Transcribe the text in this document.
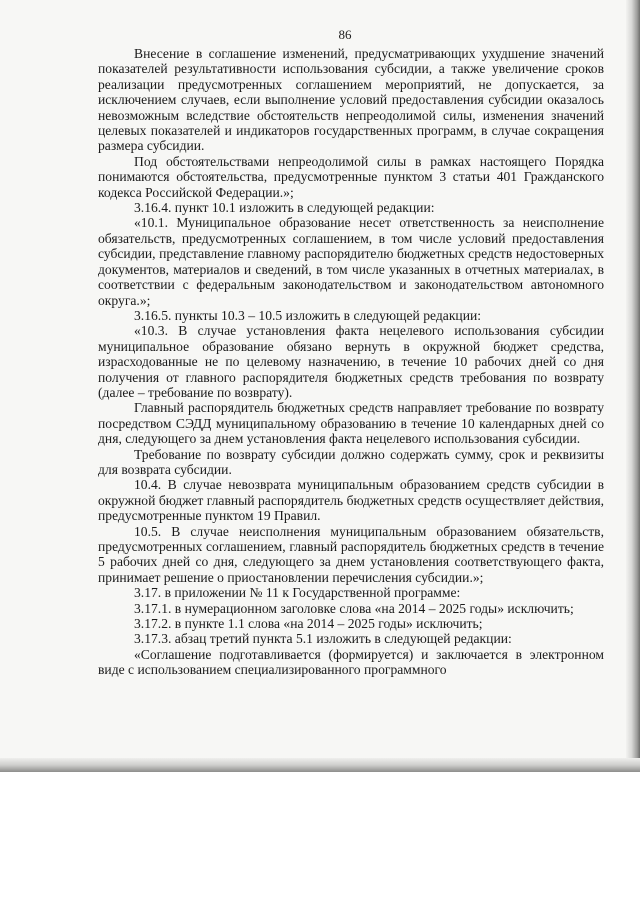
86

Внесение в соглашение изменений, предусматривающих ухудшение значений показателей результативности использования субсидии, а также увеличение сроков реализации предусмотренных соглашением мероприятий, не допускается, за исключением случаев, если выполнение условий предоставления субсидии оказалось невозможным вследствие обстоятельств непреодолимой силы, изменения значений целевых показателей и индикаторов государственных программ, в случае сокращения размера субсидии.

Под обстоятельствами непреодолимой силы в рамках настоящего Порядка понимаются обстоятельства, предусмотренные пунктом 3 статьи 401 Гражданского кодекса Российской Федерации.»;

3.16.4. пункт 10.1 изложить в следующей редакции:

«10.1. Муниципальное образование несет ответственность за неисполнение обязательств, предусмотренных соглашением, в том числе условий предоставления субсидии, представление главному распорядителю бюджетных средств недостоверных документов, материалов и сведений, в том числе указанных в отчетных материалах, в соответствии с федеральным законодательством и законодательством автономного округа.»;

3.16.5. пункты 10.3 – 10.5 изложить в следующей редакции:

«10.3. В случае установления факта нецелевого использования субсидии муниципальное образование обязано вернуть в окружной бюджет средства, израсходованные не по целевому назначению, в течение 10 рабочих дней со дня получения от главного распорядителя бюджетных средств требования по возврату (далее – требование по возврату).

Главный распорядитель бюджетных средств направляет требование по возврату посредством СЭДД муниципальному образованию в течение 10 календарных дней со дня, следующего за днем установления факта нецелевого использования субсидии.

Требование по возврату субсидии должно содержать сумму, срок и реквизиты для возврата субсидии.

10.4. В случае невозврата муниципальным образованием средств субсидии в окружной бюджет главный распорядитель бюджетных средств осуществляет действия, предусмотренные пунктом 19 Правил.

10.5. В случае неисполнения муниципальным образованием обязательств, предусмотренных соглашением, главный распорядитель бюджетных средств в течение 5 рабочих дней со дня, следующего за днем установления соответствующего факта, принимает решение о приостановлении перечисления субсидии.»;

3.17. в приложении № 11 к Государственной программе:

3.17.1. в нумерационном заголовке слова «на 2014 – 2025 годы» исключить;

3.17.2. в пункте 1.1 слова «на 2014 – 2025 годы» исключить;

3.17.3. абзац третий пункта 5.1 изложить в следующей редакции:

«Соглашение подготавливается (формируется) и заключается в электронном виде с использованием специализированного программного
